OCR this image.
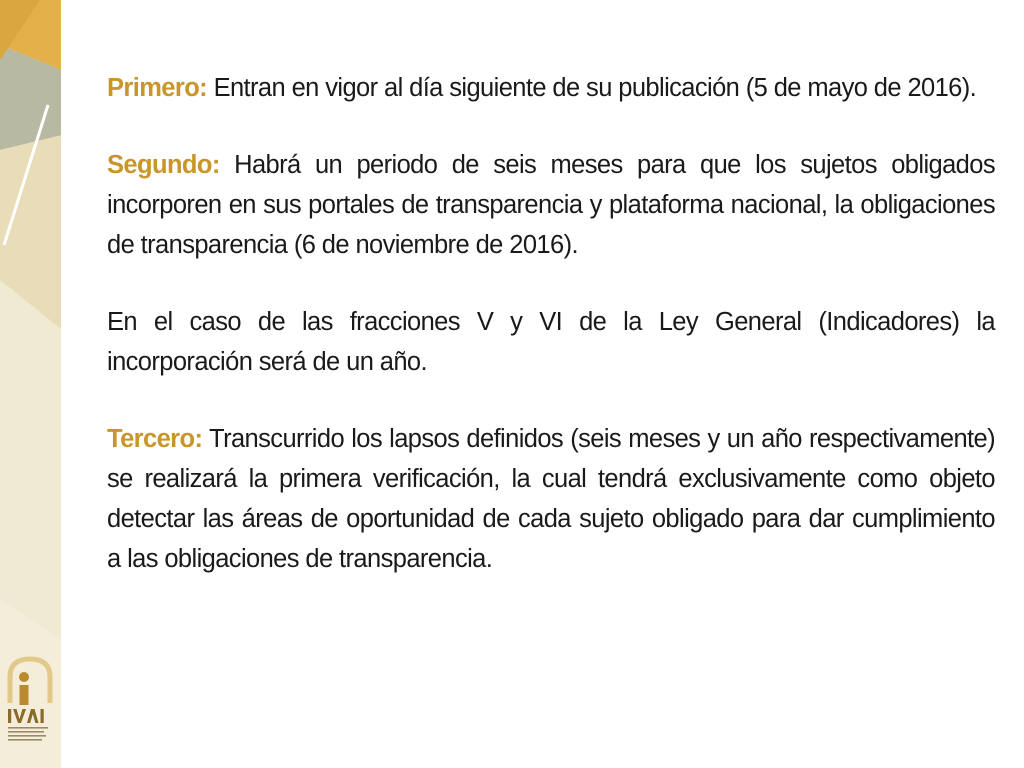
Primero: Entran en vigor al día siguiente de su publicación (5 de mayo de 2016).

Segundo: Habrá un periodo de seis meses para que los sujetos obligados incorporen en sus portales de transparencia y plataforma nacional, la obligaciones de transparencia (6 de noviembre de 2016).

En el caso de las fracciones V y VI de la Ley General (Indicadores) la incorporación será de un año.

Tercero: Transcurrido los lapsos definidos (seis meses y un año respectivamente) se realizará la primera verificación, la cual tendrá exclusivamente como objeto detectar las áreas de oportunidad de cada sujeto obligado para dar cumplimiento a las obligaciones de transparencia.
